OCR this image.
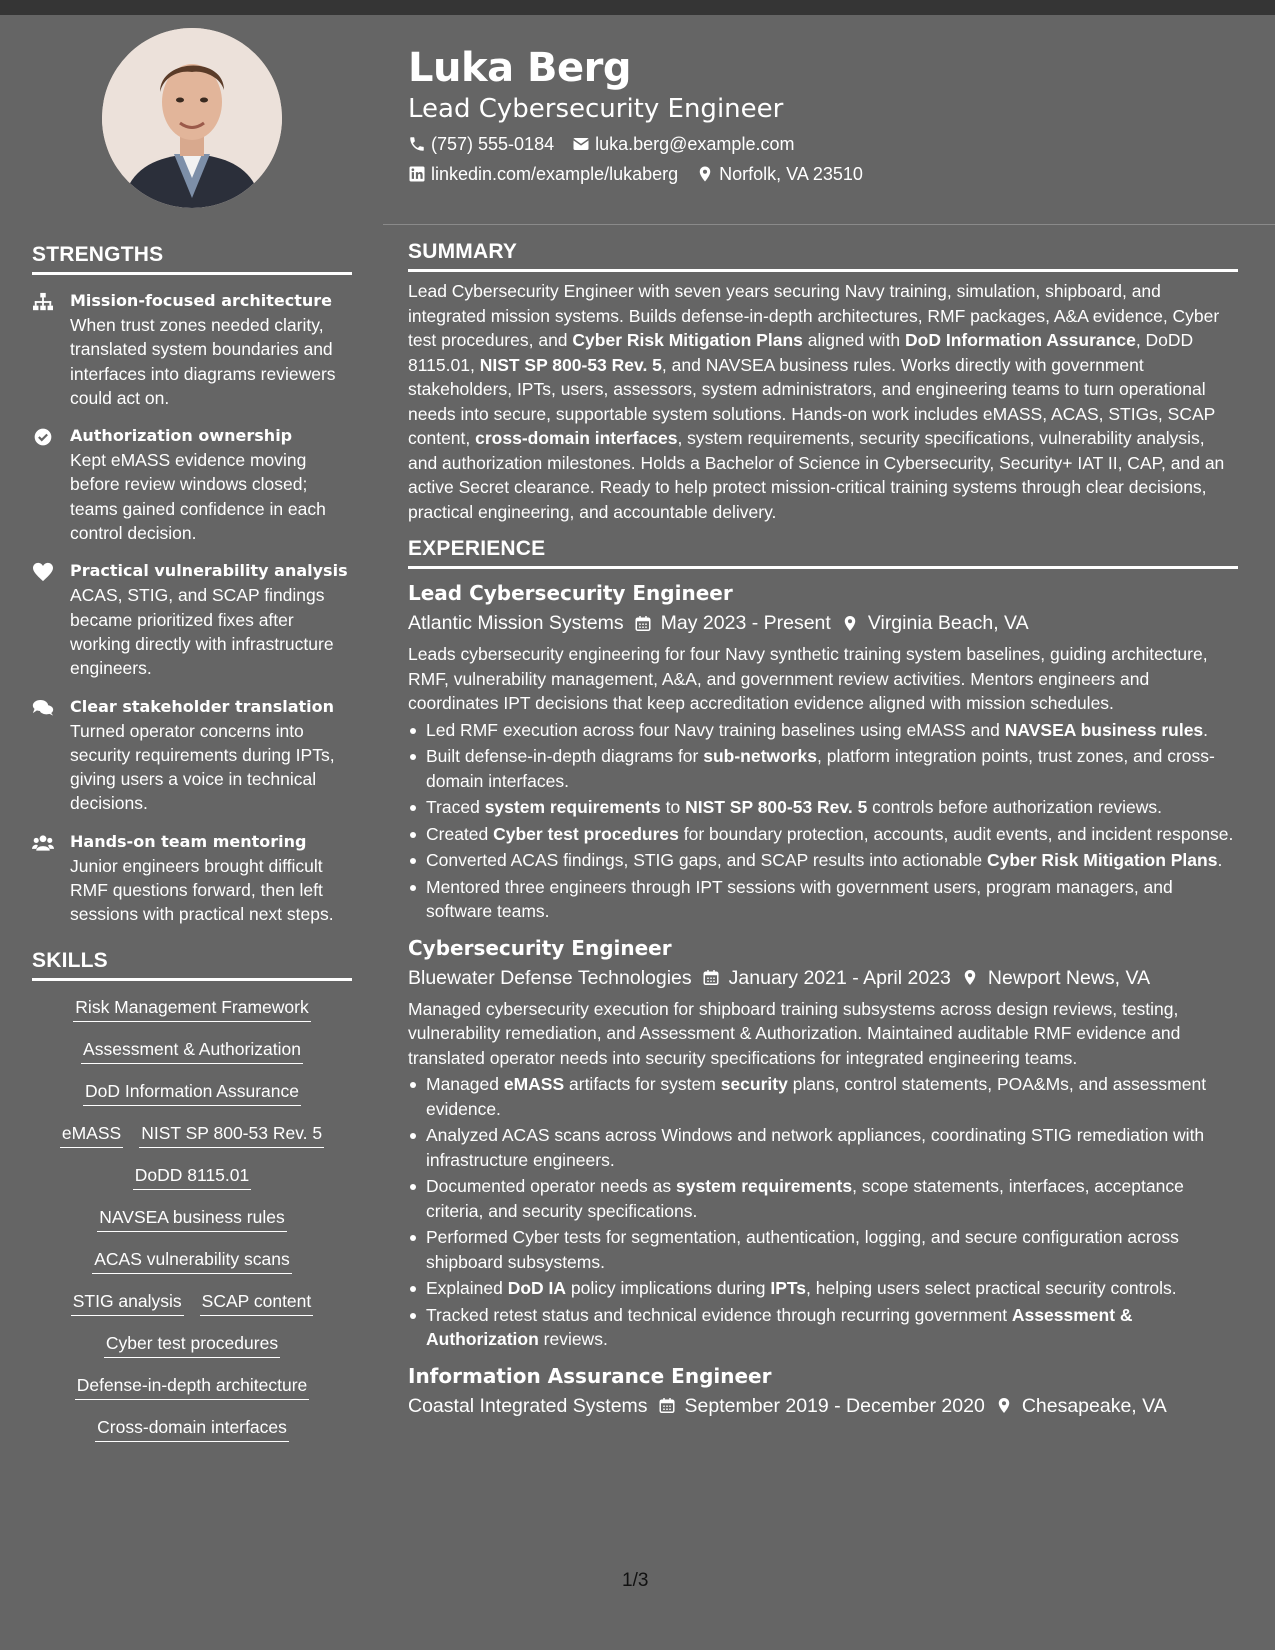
STRENGTHS
Mission-focused architecture
When trust zones needed clarity, translated system boundaries and interfaces into diagrams reviewers could act on.
Authorization ownership
Kept eMASS evidence moving before review windows closed; teams gained confidence in each control decision.
Practical vulnerability analysis
ACAS, STIG, and SCAP findings became prioritized fixes after working directly with infrastructure engineers.
Clear stakeholder translation
Turned operator concerns into security requirements during IPTs, giving users a voice in technical decisions.
Hands-on team mentoring
Junior engineers brought difficult RMF questions forward, then left sessions with practical next steps.
SKILLS
Risk Management Framework
Assessment & Authorization
DoD Information Assurance
eMASS NIST SP 800-53 Rev. 5
DoDD 8115.01
NAVSEA business rules
ACAS vulnerability scans
STIG analysis SCAP content
Cyber test procedures
Defense-in-depth architecture
Cross-domain interfaces
Luka Berg
Lead Cybersecurity Engineer
(757) 555-0184 luka.berg@example.com
linkedin.com/example/lukaberg Norfolk, VA 23510
SUMMARY
Lead Cybersecurity Engineer with seven years securing Navy training, simulation, shipboard, and integrated mission systems. Builds defense-in-depth architectures, RMF packages, A&A evidence, Cyber test procedures, and Cyber Risk Mitigation Plans aligned with DoD Information Assurance, DoDD 8115.01, NIST SP 800-53 Rev. 5, and NAVSEA business rules. Works directly with government stakeholders, IPTs, users, assessors, system administrators, and engineering teams to turn operational needs into secure, supportable system solutions. Hands-on work includes eMASS, ACAS, STIGs, SCAP content, cross-domain interfaces, system requirements, security specifications, vulnerability analysis, and authorization milestones. Holds a Bachelor of Science in Cybersecurity, Security+ IAT II, CAP, and an active Secret clearance. Ready to help protect mission-critical training systems through clear decisions, practical engineering, and accountable delivery.
EXPERIENCE
Lead Cybersecurity Engineer
Atlantic Mission Systems May 2023 - Present Virginia Beach, VA
Leads cybersecurity engineering for four Navy synthetic training system baselines, guiding architecture, RMF, vulnerability management, A&A, and government review activities. Mentors engineers and coordinates IPT decisions that keep accreditation evidence aligned with mission schedules.
Led RMF execution across four Navy training baselines using eMASS and NAVSEA business rules.
Built defense-in-depth diagrams for sub-networks, platform integration points, trust zones, and cross-domain interfaces.
Traced system requirements to NIST SP 800-53 Rev. 5 controls before authorization reviews.
Created Cyber test procedures for boundary protection, accounts, audit events, and incident response.
Converted ACAS findings, STIG gaps, and SCAP results into actionable Cyber Risk Mitigation Plans.
Mentored three engineers through IPT sessions with government users, program managers, and software teams.
Cybersecurity Engineer
Bluewater Defense Technologies January 2021 - April 2023 Newport News, VA
Managed cybersecurity execution for shipboard training subsystems across design reviews, testing, vulnerability remediation, and Assessment & Authorization. Maintained auditable RMF evidence and translated operator needs into security specifications for integrated engineering teams.
Managed eMASS artifacts for system security plans, control statements, POA&Ms, and assessment evidence.
Analyzed ACAS scans across Windows and network appliances, coordinating STIG remediation with infrastructure engineers.
Documented operator needs as system requirements, scope statements, interfaces, acceptance criteria, and security specifications.
Performed Cyber tests for segmentation, authentication, logging, and secure configuration across shipboard subsystems.
Explained DoD IA policy implications during IPTs, helping users select practical security controls.
Tracked retest status and technical evidence through recurring government Assessment & Authorization reviews.
Information Assurance Engineer
Coastal Integrated Systems September 2019 - December 2020 Chesapeake, VA
1/3
